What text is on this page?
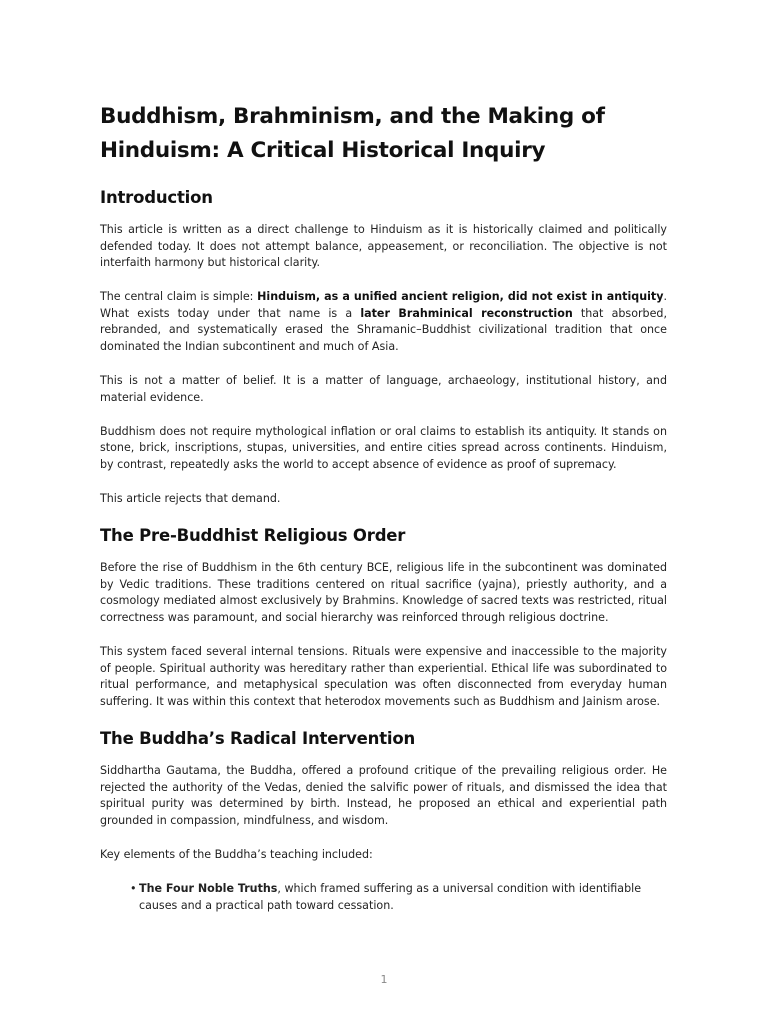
Buddhism, Brahminism, and the Making of Hinduism: A Critical Historical Inquiry
Introduction

This article is written as a direct challenge to Hinduism as it is historically claimed and politically defended today. It does not attempt balance, appeasement, or reconciliation. The objective is not interfaith harmony but historical clarity.

The central claim is simple: Hinduism, as a unified ancient religion, did not exist in antiquity. What exists today under that name is a later Brahminical reconstruction that absorbed, rebranded, and systematically erased the Shramanic–Buddhist civilizational tradition that once dominated the Indian subcontinent and much of Asia.

This is not a matter of belief. It is a matter of language, archaeology, institutional history, and material evidence.

Buddhism does not require mythological inflation or oral claims to establish its antiquity. It stands on stone, brick, inscriptions, stupas, universities, and entire cities spread across continents. Hinduism, by contrast, repeatedly asks the world to accept absence of evidence as proof of supremacy.

This article rejects that demand.

The Pre-Buddhist Religious Order

Before the rise of Buddhism in the 6th century BCE, religious life in the subcontinent was dominated by Vedic traditions. These traditions centered on ritual sacrifice (yajna), priestly authority, and a cosmology mediated almost exclusively by Brahmins. Knowledge of sacred texts was restricted, ritual correctness was paramount, and social hierarchy was reinforced through religious doctrine.

This system faced several internal tensions. Rituals were expensive and inaccessible to the majority of people. Spiritual authority was hereditary rather than experiential. Ethical life was subordinated to ritual performance, and metaphysical speculation was often disconnected from everyday human suffering. It was within this context that heterodox movements such as Buddhism and Jainism arose.

The Buddha’s Radical Intervention

Siddhartha Gautama, the Buddha, offered a profound critique of the prevailing religious order. He rejected the authority of the Vedas, denied the salvific power of rituals, and dismissed the idea that spiritual purity was determined by birth. Instead, he proposed an ethical and experiential path grounded in compassion, mindfulness, and wisdom.

Key elements of the Buddha’s teaching included:

• The Four Noble Truths, which framed suffering as a universal condition with identifiable causes and a practical path toward cessation.
1
